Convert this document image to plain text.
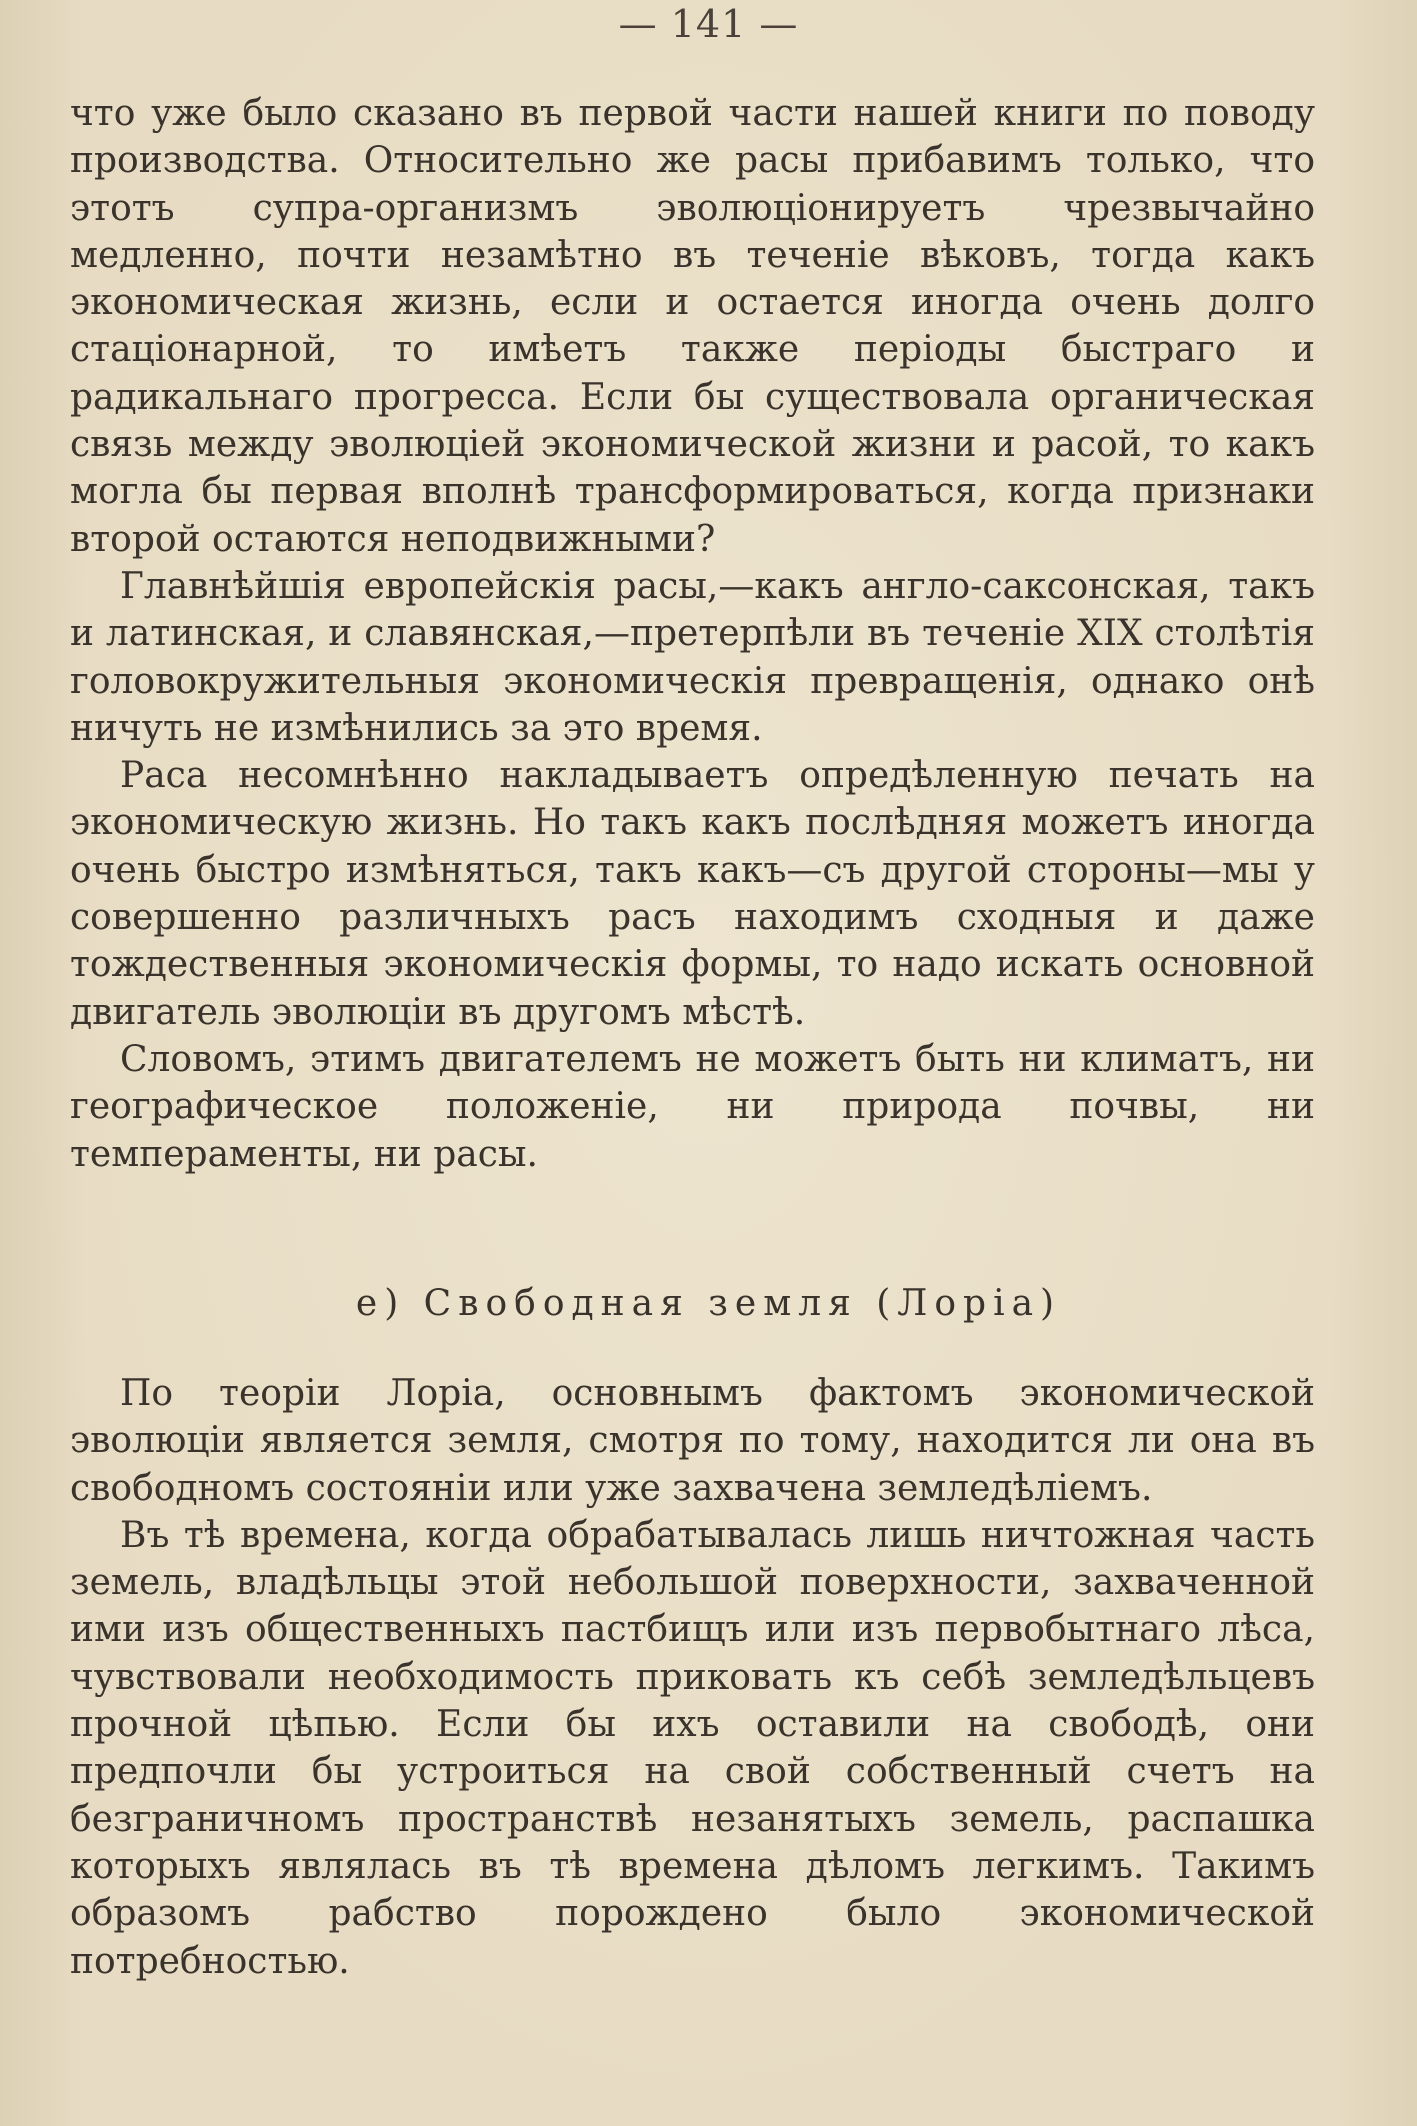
— 141 —

что уже было сказано въ первой части нашей книги по поводу производства. Относительно же расы прибавимъ только, что этотъ супра-организмъ эволюціонируетъ чрезвычайно медленно, почти незамѣтно въ теченіе вѣковъ, тогда какъ экономическая жизнь, если и остается иногда очень долго стаціонарной, то имѣетъ также періоды быстраго и радикальнаго прогресса. Если бы существовала органическая связь между эволюцiей экономической жизни и расой, то какъ могла бы первая вполнѣ трансформироваться, когда признаки второй остаются неподвижными?

Главнѣйшія европейскія расы,—какъ англо-саксонская, такъ и латинская, и славянская,—претерпѣли въ теченіе XIX столѣтія головокружительныя экономическія превращенія, однако онѣ ничуть не измѣнились за это время.

Раса несомнѣнно накладываетъ опредѣленную печать на экономическую жизнь. Но такъ какъ послѣдняя можетъ иногда очень быстро измѣняться, такъ какъ—съ другой стороны—мы у совершенно различныхъ расъ находимъ сходныя и даже тождественныя экономическія формы, то надо искать основной двигатель эволюціи въ другомъ мѣстѣ.

Словомъ, этимъ двигателемъ не можетъ быть ни климатъ, ни географическое положеніе, ни природа почвы, ни темпераменты, ни расы.

е) Свободная земля (Лоріа)

По теоріи Лоріа, основнымъ фактомъ экономической эволюціи является земля, смотря по тому, находится ли она въ свободномъ состояніи или уже захвачена земледѣліемъ.

Въ тѣ времена, когда обрабатывалась лишь ничтожная часть земель, владѣльцы этой небольшой поверхности, захваченной ими изъ общественныхъ пастбищъ или изъ первобытнаго лѣса, чувствовали необходимость приковать къ себѣ земледѣльцевъ прочной цѣпью. Если бы ихъ оставили на свободѣ, они предпочли бы устроиться на свой собственный счетъ на безграничномъ пространствѣ незанятыхъ земель, распашка которыхъ являлась въ тѣ времена дѣломъ легкимъ. Такимъ образомъ рабство порождено было экономической потребностью.
